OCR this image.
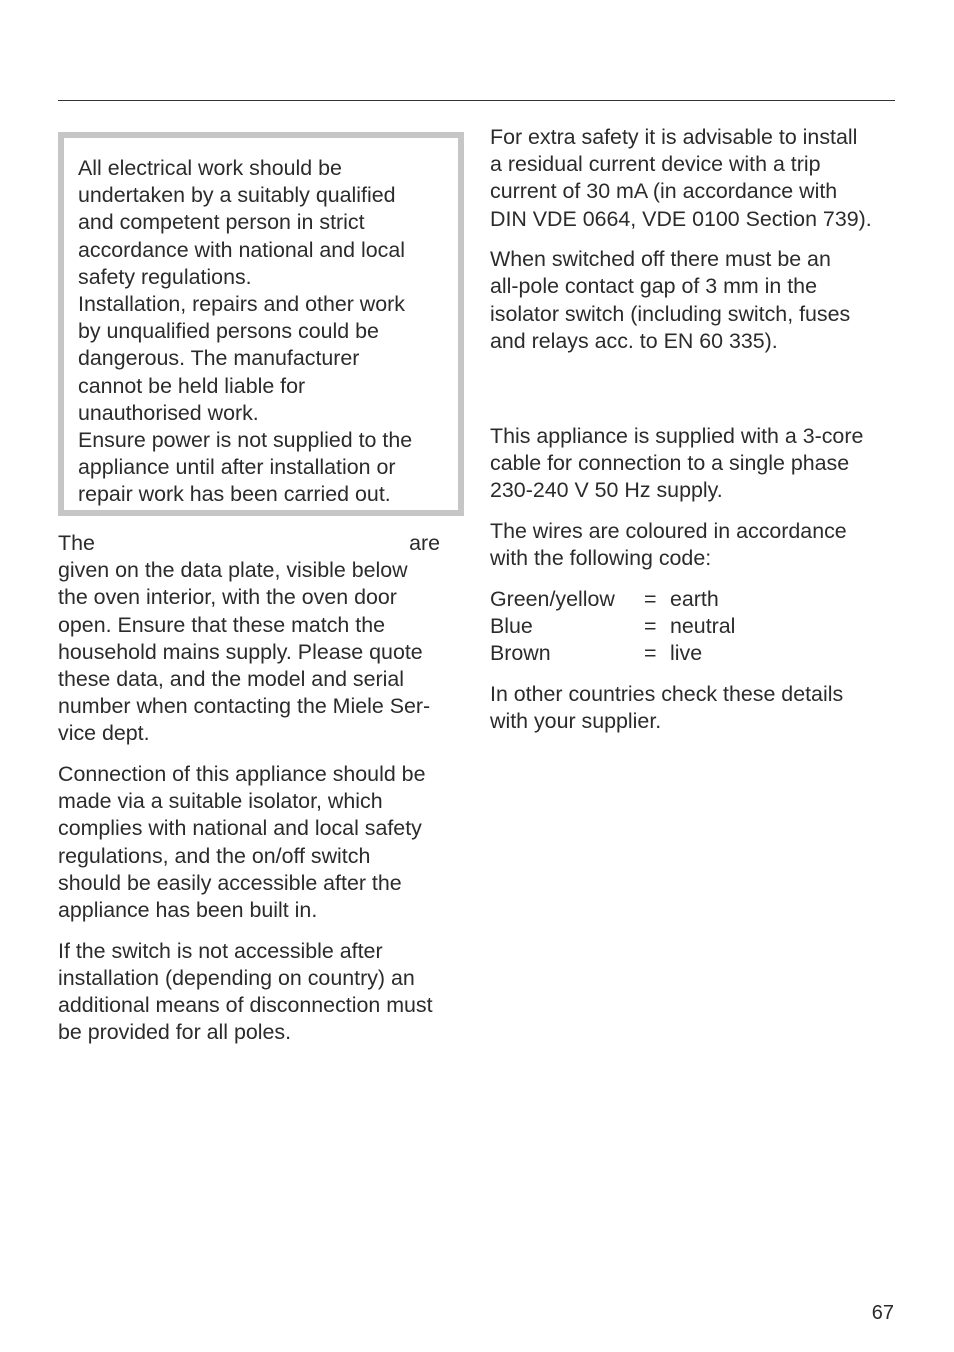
All electrical work should be
undertaken by a suitably qualified
and competent person in strict
accordance with national and local
safety regulations.
Installation, repairs and other work
by unqualified persons could be
dangerous. The manufacturer
cannot be held liable for
unauthorised work.
Ensure power is not supplied to the
appliance until after installation or
repair work has been carried out.

The	are
given on the data plate, visible below
the oven interior, with the oven door
open. Ensure that these match the
household mains supply. Please quote
these data, and the model and serial
number when contacting the Miele Ser-
vice dept.

Connection of this appliance should be
made via a suitable isolator, which
complies with national and local safety
regulations, and the on/off switch
should be easily accessible after the
appliance has been built in.

If the switch is not accessible after
installation (depending on country) an
additional means of disconnection must
be provided for all poles.

For extra safety it is advisable to install
a residual current device with a trip
current of 30 mA (in accordance with
DIN VDE 0664, VDE 0100 Section 739).

When switched off there must be an
all-pole contact gap of 3 mm in the
isolator switch (including switch, fuses
and relays acc. to EN 60 335).

This appliance is supplied with a 3-core
cable for connection to a single phase
230-240 V 50 Hz supply.

The wires are coloured in accordance
with the following code:

Green/yellow	= earth
Blue	= neutral
Brown	= live

In other countries check these details
with your supplier.

67
